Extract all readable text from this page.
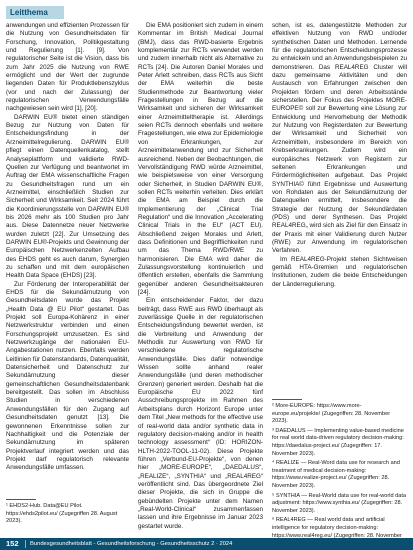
Leitthema

anwendungen und effizienten Prozessen für die Nutzung von Gesundheitsdaten für Forschung, Innovation, Politikgestaltung und Regulierung [1]. [9]. Von regulatorischer Seite ist die Vision, dass bis zum Jahr 2025 die Nutzung von RWE ermöglicht und der Wert der zugrunde liegenden Daten für Produktlebenszyklus (vor und nach der Zulassung) der regulatorischen Verwendungsfälle nachgewiesen sein wird [1], [20].

DARWIN EU® bietet einen ständigen Bezug zur Nutzung von Daten für Entscheidungsfindung in der Arzneimittelregulierung. DARWIN EU® pflegt einen Datenquellenkatalog, stellt Analyseplattform und validierte RWD-Quellen zur Verfügung und beantwortet im Auftrag der EMA wissenschaftliche Fragen zu Gesundheitsfragen rund um ein Arzneimittel, einschließlich Studien zur Sicherheit und Wirksamkeit. Seit 2024 führt die Koordinierungsstelle von DARWIN EU® bis 2026 mehr als 100 Studien pro Jahr aus. Diese Datennetze neuer Netzwerke wurden zuletzt [22]. Zur Umsetzung des DARWIN EU®-Projekts und Gewinnung der Europäischen Netzwerkenzelten Aufbau des EHDS geht es auch darum, Synergien zu schaffen und mit dem europäischen Health Data Space (EHDS) [23].

Zur Förderung der Interoperabilität der EHDS für die Sekundärnutzung von Gesundheitsdaten wurde das Projekt „Health Data @ EU Pilot“ gestartet. Das Projekt soll Europa-Kohärenz in einer Netzwerkstruktur verbinden und einen Forschungsprojekt umzusetzen. Es sind Netzwerkzugänge der nationalen EU-Angabestationen nutzen. Ebenfalls werden Leitlinien für Datenstandards, Datenqualität, Datensicherheit und Datenschutz zur Sekundärnutzung dieser gemeinschaftlichen Gesundheitsdatenbank bereitgestellt. Das sollen im Abschluss Studien in verschiedenen Anwendungsfällen für den Zugang auf Gesundheitsdaten genutzt [13]. Die gewonnenen Erkenntnisse sollen zur Nachhaltigkeit und die Potenziale der Sekundärnutzung im späteren Projektverlauf integriert werden und das Projekt darf regulatorisch relevante Anwendungsfälle umfassen.

Die EMA positioniert sich zudem in einem Kommentar im British Medical Journal (BMJ), dass das RWD-basierte Ergebnis komplementär zur RCTs verwendet werden und zudem innerhalb nicht als Alternative zu RCTs [24]. Die Autoren Daniel Morales und Peter Arlett schreiben, dass RCTs aus Sicht der EMA weiterhin die beste Studienmethode zur Beantwortung vieler Fragestellungen in Bezug auf die Wirksamkeit und sicheren der Wirksamkeit einer Arzneimitteltherapie ist. Allerdings seien RCTs dennoch ebenfalls und weitere Fragestellungen, wie etwa zur Epidemiologie von Erkrankungen, zur Arzneimittelanwendung und zur Sicherheit ausreichend. Neben der Beobachtungen, die Vervollständigung RWD würde Arzneimittel, wie beispielsweise von einer Versorgung oder Sicherheit, in Studien DARWIN EU®, sollen RCTs weiterhin verleiten. Dies erklärt die EMA am Beispiel durch die Implementierung der „Clinical Trial Regulation“ und die Innovation „Accelerating Clinical Trials in the EU“ (ACT EU). Abschließend zeigen Morales und Arlett, dass Definitionen und Begrifflichkeiten rund um das Thema RWD/RWE zu harmonisieren. Die EMA wird daher die Zulassungsvorstellung kontinuierlich und öffentlich erstellen, ebenfalls die Sammlung gegenüber anderen Gesundheitsakteuren [24].

Ein entscheidender Faktor, der dazu beiträgt, dass RWE aus RWD überhaupt als zuverlässige Quelle in der regulatorischen Entscheidungsfindung bewertet werden, ist die Verbreitung und Anwendung der Methodik zur Auswertung von RWD für verschiedene regulatorische Anwendungsfälle. Dies dafür notwendige Wissen sollte anhand realer Anwendungsfälle (und deren methodischer Grenzen) generiert werden. Deshalb hat die Europäische EU 2022 fünf Ausschreibungsprojekte im Rahmen des Arbeitsplans durch Horizont Europe unter dem Titel „New methods for the effective use of real-world data and/or synthetic data in regulatory decision-making and/or in health technology assessment“ (ID: HORIZON-HLTH-2022-TOOL-11-02). Diese Projekte führen „Verbund-EU-Projekte“, von denen hier „MORE-EUROPE“, „DAEDALUS“, „REALIZE“, „SYNTHIA“ und „REAL4REG“ veröffentlicht sind. Das übergeordnete Ziel dieser Projekte, die sich in Gruppe die gebündelten Projekte unter dem Namen „Real-World-Clinical“ zusammenfassen lassen und ihre Ergebnisse im Januar 2023 gestartet wurde.

schen, ist es, datengestützte Methoden zur effektiven Nutzung von RWD und/oder synthetischen Daten und Methoden. Lernende für die regulatorischen Entscheidungsprozesse zu entwickeln und an Anwendungsbeispielen zu demonstrieren. Das REAL4REG Cluster will dazu gemeinsame Aktivitäten und den Austausch von Erfahrungen zwischen den Projekten fördern und deren Arbeitsstände sicherstellen. Der Fokus des Projektes MORE-EUROPE© soll zur Bewertung eine Lösung zur Entwicklung und Hervorhebung der Methodik zur Nutzung von Registerdaten zur Bewertung der Wirksamkeit und Sicherheit von Arzneimitteln, insbesondere im Bereich von Krebserkrankungen. Zudem wird ein europäisches Netzwerk von Registern zur seltenen Erkrankungen und Fördermöglichkeiten aufgebaut. Das Projekt SYNTHIA© führt Ergebnisse und Auswertung von Rohdaten aus der Sekundärnutzung der Datenquellen ermittelt, insbesondere die Strategie der Nutzung der Sekundärdaten (PDS) und derer Synthesen. Das Projekt REAL4REG„ wird sich als Ziel für den Einsatz in der Praxis mit einer Validierung durch Nutzer (RWE) zur Anwendung im regulatorischen Verfahren.

Im REAL4REG-Projekt stehen Sichtweisen gemäß HTA-Gremien und regulatorischen Institutionen, zudem die beide Entscheidungen der Länderregulierung.

¹ EHDS2-Hub. Data@EU Pilot. https://ehds2pilot.eu/ (Zugegriffen 28. August 2023).
² More-EUROPE: https://www.more-europe.eu/projekte/ (Zugegriffen: 28. November 2023).
³ DAEDALUS — Implementing value-based medicine for real world data-driven regulatory decision-making: https://daedalus-project.eu/ (Zugegriffen: 17. November 2023).
⁴ REALIZE — Real-Word data use for research and treatment of medical decision-making: https://www.realize-project.eu/ (Zugegriffen: 28. November 2023).
⁵ SYNTHIA — Real-World data use for real-world data adjustment: https://www.synthia.eu/ (Zugegriffen: 28. November 2023).
⁶ REAL4REG — Real world data and artificial intelligence for regulatory decision-making: https://www.real4reg.eu/ (Zugegriffen: 28. November
152 Bundesgesundheitsblatt - Gesundheitsforschung - Gesundheitsschutz 2 · 2024
